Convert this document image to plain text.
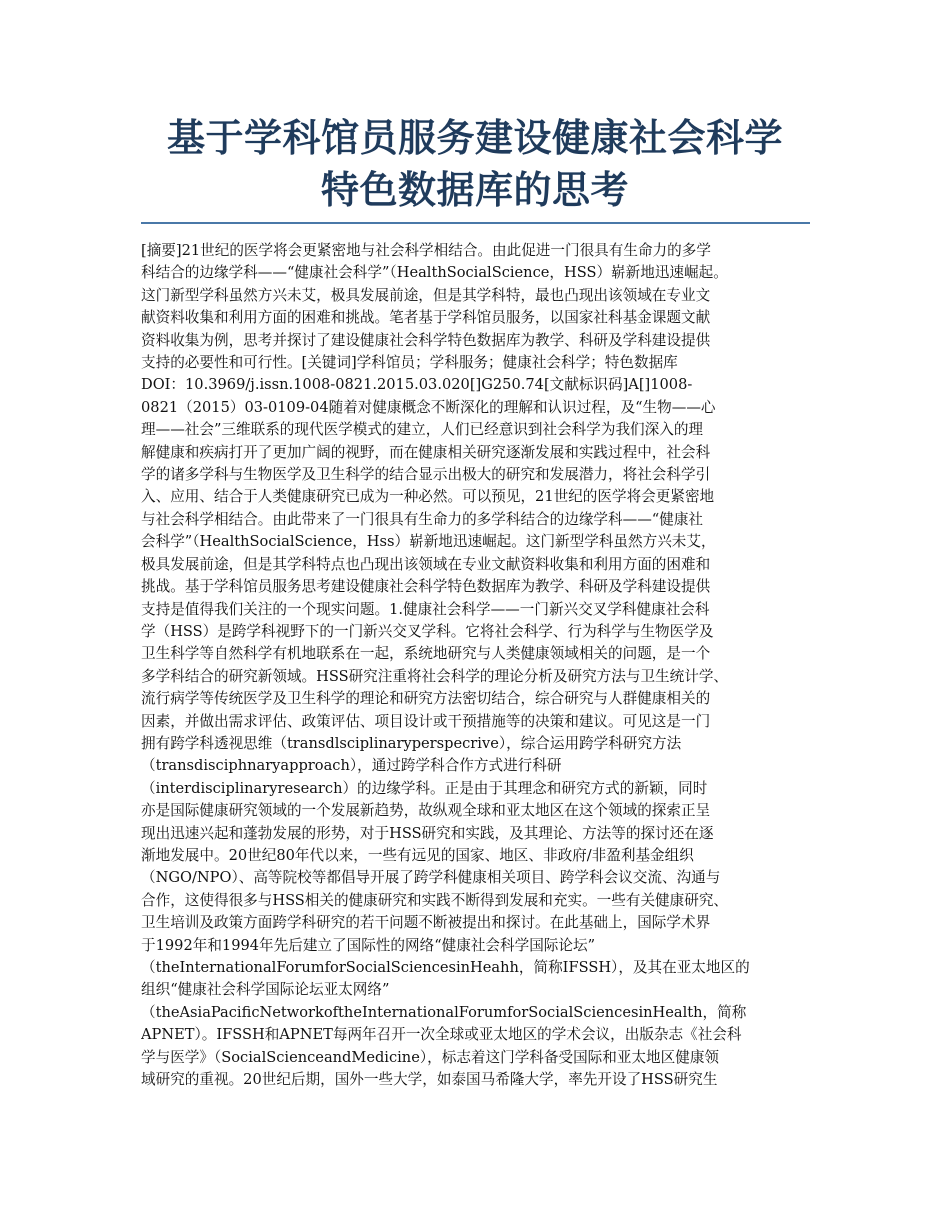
基于学科馆员服务建设健康社会科学
特色数据库的思考
[摘要]21世纪的医学将会更紧密地与社会科学相结合。由此促进一门很具有生命力的多学
科结合的边缘学科——“健康社会科学”（HealthSocialScience，HSS）崭新地迅速崛起。
这门新型学科虽然方兴未艾，极具发展前途，但是其学科特，最也凸现出该领域在专业文
献资料收集和利用方面的困难和挑战。笔者基于学科馆员服务，以国家社科基金课题文献
资料收集为例，思考并探讨了建设健康社会科学特色数据库为教学、科研及学科建设提供
支持的必要性和可行性。[关键词]学科馆员；学科服务；健康社会科学；特色数据库
DOI：10.3969/j.issn.1008-0821.2015.03.020[]G250.74[文献标识码]A[]1008-
0821（2015）03-0109-04随着对健康概念不断深化的理解和认识过程，及“生物——心
理——社会”三维联系的现代医学模式的建立，人们已经意识到社会科学为我们深入的理
解健康和疾病打开了更加广阔的视野，而在健康相关研究逐渐发展和实践过程中，社会科
学的诸多学科与生物医学及卫生科学的结合显示出极大的研究和发展潜力，将社会科学引
入、应用、结合于人类健康研究已成为一种必然。可以预见，21世纪的医学将会更紧密地
与社会科学相结合。由此带来了一门很具有生命力的多学科结合的边缘学科——“健康社
会科学”（HealthSocialScience，Hss）崭新地迅速崛起。这门新型学科虽然方兴未艾，
极具发展前途，但是其学科特点也凸现出该领域在专业文献资料收集和利用方面的困难和
挑战。基于学科馆员服务思考建设健康社会科学特色数据库为教学、科研及学科建设提供
支持是值得我们关注的一个现实问题。1.健康社会科学——一门新兴交叉学科健康社会科
学（HSS）是跨学科视野下的一门新兴交叉学科。它将社会科学、行为科学与生物医学及
卫生科学等自然科学有机地联系在一起，系统地研究与人类健康领域相关的问题，是一个
多学科结合的研究新领域。HSS研究注重将社会科学的理论分析及研究方法与卫生统计学、
流行病学等传统医学及卫生科学的理论和研究方法密切结合，综合研究与人群健康相关的
因素，并做出需求评估、政策评估、项目设计或干预措施等的决策和建议。可见这是一门
拥有跨学科透视思维（transdlsciplinaryperspecrive），综合运用跨学科研究方法
（transdisciphnaryapproach），通过跨学科合作方式进行科研
（interdisciplinaryresearch）的边缘学科。正是由于其理念和研究方式的新颖，同时
亦是国际健康研究领域的一个发展新趋势，故纵观全球和亚太地区在这个领域的探索正呈
现出迅速兴起和蓬勃发展的形势，对于HSS研究和实践，及其理论、方法等的探讨还在逐
渐地发展中。20世纪80年代以来，一些有远见的国家、地区、非政府/非盈利基金组织
（NGO/NPO）、高等院校等都倡导开展了跨学科健康相关项目、跨学科会议交流、沟通与
合作，这使得很多与HSS相关的健康研究和实践不断得到发展和充实。一些有关健康研究、
卫生培训及政策方面跨学科研究的若干问题不断被提出和探讨。在此基础上，国际学术界
于1992年和1994年先后建立了国际性的网络“健康社会科学国际论坛”
（theInternationalForumforSocialSciencesinHeahh，简称IFSSH），及其在亚太地区的
组织“健康社会科学国际论坛亚太网络”
（theAsiaPacificNetworkoftheInternationalForumforSocialSciencesinHealth，简称
APNET）。IFSSH和APNET每两年召开一次全球或亚太地区的学术会议，出版杂志《社会科
学与医学》（SocialScienceandMedicine），标志着这门学科备受国际和亚太地区健康领
域研究的重视。20世纪后期，国外一些大学，如泰国马希隆大学，率先开设了HSS研究生
